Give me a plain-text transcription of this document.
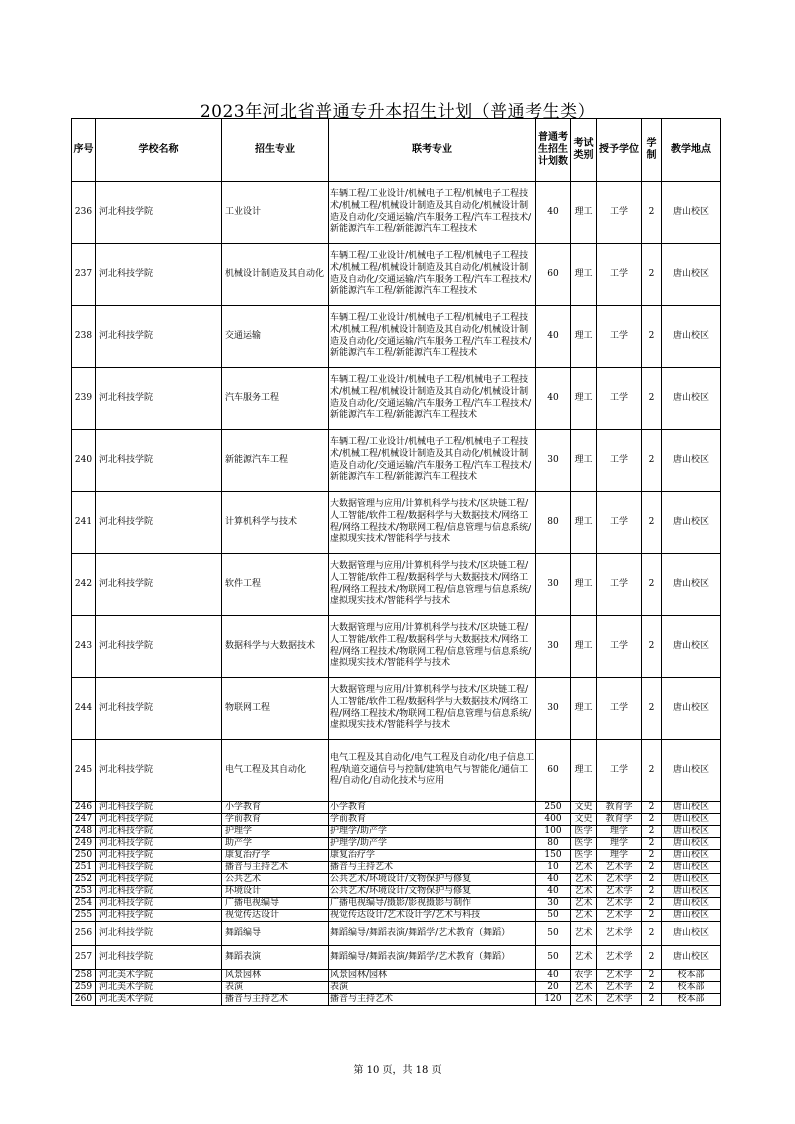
2023年河北省普通专升本招生计划（普通考生类）
序号	学校名称	招生专业	联考专业	普通考生招生计划数	考试类别	授予学位	学制	教学地点
236	河北科技学院	工业设计	车辆工程/工业设计/机械电子工程/机械电子工程技术/机械工程/机械设计制造及其自动化/机械设计制造及自动化/交通运输/汽车服务工程/汽车工程技术/新能源汽车工程/新能源汽车工程技术	40	理工	工学	2	唐山校区
237	河北科技学院	机械设计制造及其自动化	车辆工程/工业设计/机械电子工程/机械电子工程技术/机械工程/机械设计制造及其自动化/机械设计制造及自动化/交通运输/汽车服务工程/汽车工程技术/新能源汽车工程/新能源汽车工程技术	60	理工	工学	2	唐山校区
238	河北科技学院	交通运输	车辆工程/工业设计/机械电子工程/机械电子工程技术/机械工程/机械设计制造及其自动化/机械设计制造及自动化/交通运输/汽车服务工程/汽车工程技术/新能源汽车工程/新能源汽车工程技术	40	理工	工学	2	唐山校区
239	河北科技学院	汽车服务工程	车辆工程/工业设计/机械电子工程/机械电子工程技术/机械工程/机械设计制造及其自动化/机械设计制造及自动化/交通运输/汽车服务工程/汽车工程技术/新能源汽车工程/新能源汽车工程技术	40	理工	工学	2	唐山校区
240	河北科技学院	新能源汽车工程	车辆工程/工业设计/机械电子工程/机械电子工程技术/机械工程/机械设计制造及其自动化/机械设计制造及自动化/交通运输/汽车服务工程/汽车工程技术/新能源汽车工程/新能源汽车工程技术	30	理工	工学	2	唐山校区
241	河北科技学院	计算机科学与技术	大数据管理与应用/计算机科学与技术/区块链工程/人工智能/软件工程/数据科学与大数据技术/网络工程/网络工程技术/物联网工程/信息管理与信息系统/虚拟现实技术/智能科学与技术	80	理工	工学	2	唐山校区
242	河北科技学院	软件工程	大数据管理与应用/计算机科学与技术/区块链工程/人工智能/软件工程/数据科学与大数据技术/网络工程/网络工程技术/物联网工程/信息管理与信息系统/虚拟现实技术/智能科学与技术	30	理工	工学	2	唐山校区
243	河北科技学院	数据科学与大数据技术	大数据管理与应用/计算机科学与技术/区块链工程/人工智能/软件工程/数据科学与大数据技术/网络工程/网络工程技术/物联网工程/信息管理与信息系统/虚拟现实技术/智能科学与技术	30	理工	工学	2	唐山校区
244	河北科技学院	物联网工程	大数据管理与应用/计算机科学与技术/区块链工程/人工智能/软件工程/数据科学与大数据技术/网络工程/网络工程技术/物联网工程/信息管理与信息系统/虚拟现实技术/智能科学与技术	30	理工	工学	2	唐山校区
245	河北科技学院	电气工程及其自动化	电气工程及其自动化/电气工程及自动化/电子信息工程/轨道交通信号与控制/建筑电气与智能化/通信工程/自动化/自动化技术与应用	60	理工	工学	2	唐山校区
246	河北科技学院	小学教育	小学教育	250	文史	教育学	2	唐山校区
247	河北科技学院	学前教育	学前教育	400	文史	教育学	2	唐山校区
248	河北科技学院	护理学	护理学/助产学	100	医学	理学	2	唐山校区
249	河北科技学院	助产学	护理学/助产学	80	医学	理学	2	唐山校区
250	河北科技学院	康复治疗学	康复治疗学	150	医学	理学	2	唐山校区
251	河北科技学院	播音与主持艺术	播音与主持艺术	10	艺术	艺术学	2	唐山校区
252	河北科技学院	公共艺术	公共艺术/环境设计/文物保护与修复	40	艺术	艺术学	2	唐山校区
253	河北科技学院	环境设计	公共艺术/环境设计/文物保护与修复	40	艺术	艺术学	2	唐山校区
254	河北科技学院	广播电视编导	广播电视编导/摄影/影视摄影与制作	30	艺术	艺术学	2	唐山校区
255	河北科技学院	视觉传达设计	视觉传达设计/艺术设计学/艺术与科技	50	艺术	艺术学	2	唐山校区
256	河北科技学院	舞蹈编导	舞蹈编导/舞蹈表演/舞蹈学/艺术教育（舞蹈）	50	艺术	艺术学	2	唐山校区
257	河北科技学院	舞蹈表演	舞蹈编导/舞蹈表演/舞蹈学/艺术教育（舞蹈）	50	艺术	艺术学	2	唐山校区
258	河北美术学院	风景园林	风景园林/园林	40	农学	艺术学	2	校本部
259	河北美术学院	表演	表演	20	艺术	艺术学	2	校本部
260	河北美术学院	播音与主持艺术	播音与主持艺术	120	艺术	艺术学	2	校本部
第 10 页，共 18 页
